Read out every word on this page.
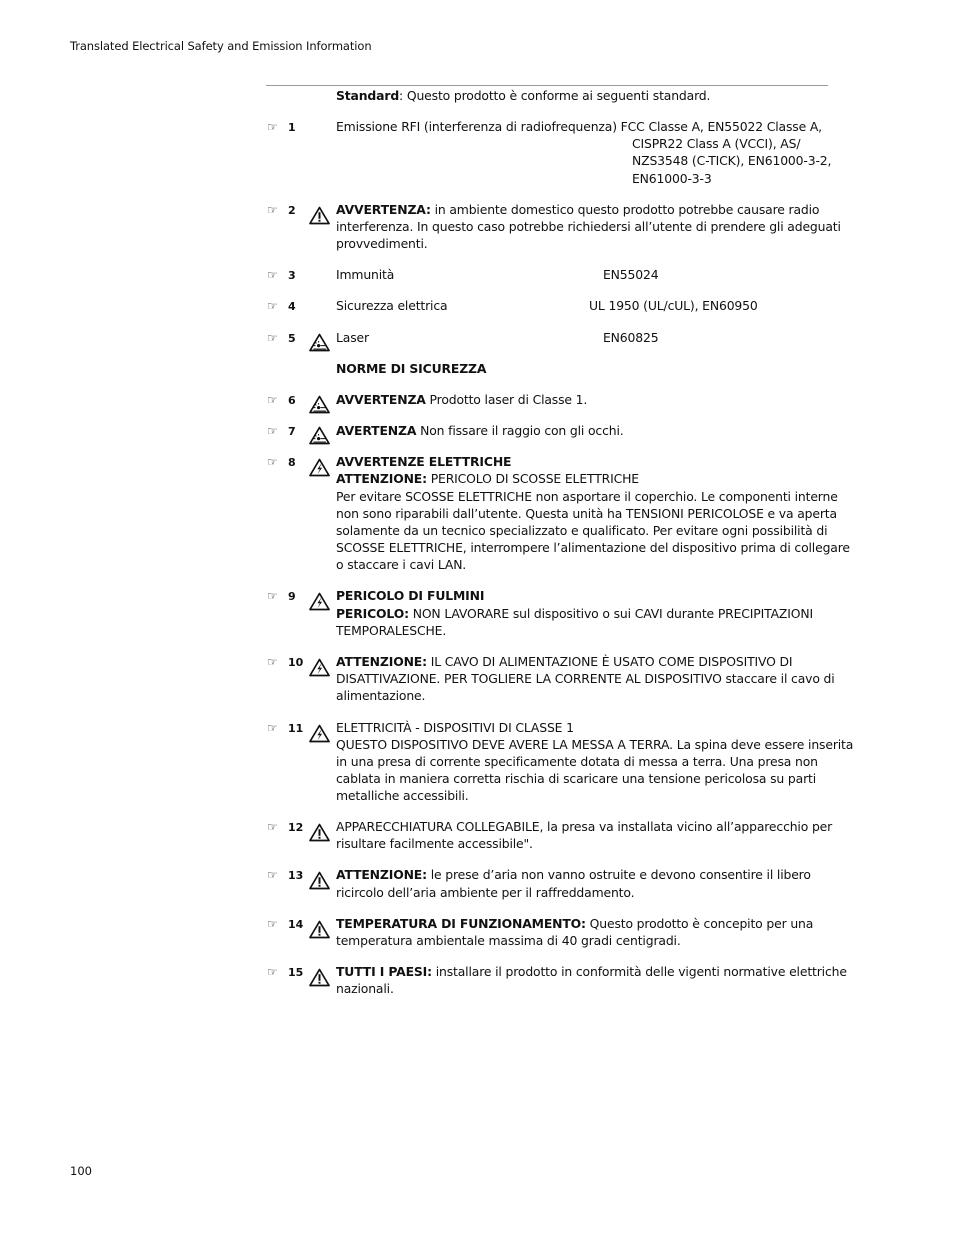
Translated Electrical Safety and Emission Information
Standard: Questo prodotto è conforme ai seguenti standard.
☞ 1	Emissione RFI (interferenza di radiofrequenza) FCC Classe A, EN55022 Classe A,
CISPR22 Class A (VCCI), AS/
NZS3548 (C-TICK), EN61000-3-2,
EN61000-3-3
☞ 2	AVVERTENZA: in ambiente domestico questo prodotto potrebbe causare radio
interferenza. In questo caso potrebbe richiedersi all’utente di prendere gli adeguati
provvedimenti.
☞ 3	Immunità	EN55024
☞ 4	Sicurezza elettrica	UL 1950 (UL/cUL), EN60950
☞ 5	Laser	EN60825
NORME DI SICUREZZA
☞ 6	AVVERTENZA Prodotto laser di Classe 1.
☞ 7	AVERTENZA Non fissare il raggio con gli occhi.
☞ 8	AVVERTENZE ELETTRICHE
ATTENZIONE: PERICOLO DI SCOSSE ELETTRICHE
Per evitare SCOSSE ELETTRICHE non asportare il coperchio. Le componenti interne
non sono riparabili dall’utente. Questa unità ha TENSIONI PERICOLOSE e va aperta
solamente da un tecnico specializzato e qualificato. Per evitare ogni possibilità di
SCOSSE ELETTRICHE, interrompere l’alimentazione del dispositivo prima di collegare
o staccare i cavi LAN.
☞ 9	PERICOLO DI FULMINI
PERICOLO: NON LAVORARE sul dispositivo o sui CAVI durante PRECIPITAZIONI
TEMPORALESCHE.
☞ 10	ATTENZIONE: IL CAVO DI ALIMENTAZIONE È USATO COME DISPOSITIVO DI
DISATTIVAZIONE. PER TOGLIERE LA CORRENTE AL DISPOSITIVO staccare il cavo di
alimentazione.
☞ 11	ELETTRICITÀ - DISPOSITIVI DI CLASSE 1
QUESTO DISPOSITIVO DEVE AVERE LA MESSA A TERRA. La spina deve essere inserita
in una presa di corrente specificamente dotata di messa a terra. Una presa non
cablata in maniera corretta rischia di scaricare una tensione pericolosa su parti
metalliche accessibili.
☞ 12	APPARECCHIATURA COLLEGABILE, la presa va installata vicino all’apparecchio per
risultare facilmente accessibile".
☞ 13	ATTENZIONE: le prese d’aria non vanno ostruite e devono consentire il libero
ricircolo dell’aria ambiente per il raffreddamento.
☞ 14	TEMPERATURA DI FUNZIONAMENTO: Questo prodotto è concepito per una
temperatura ambientale massima di 40 gradi centigradi.
☞ 15	TUTTI I PAESI: installare il prodotto in conformità delle vigenti normative elettriche
nazionali.
100
